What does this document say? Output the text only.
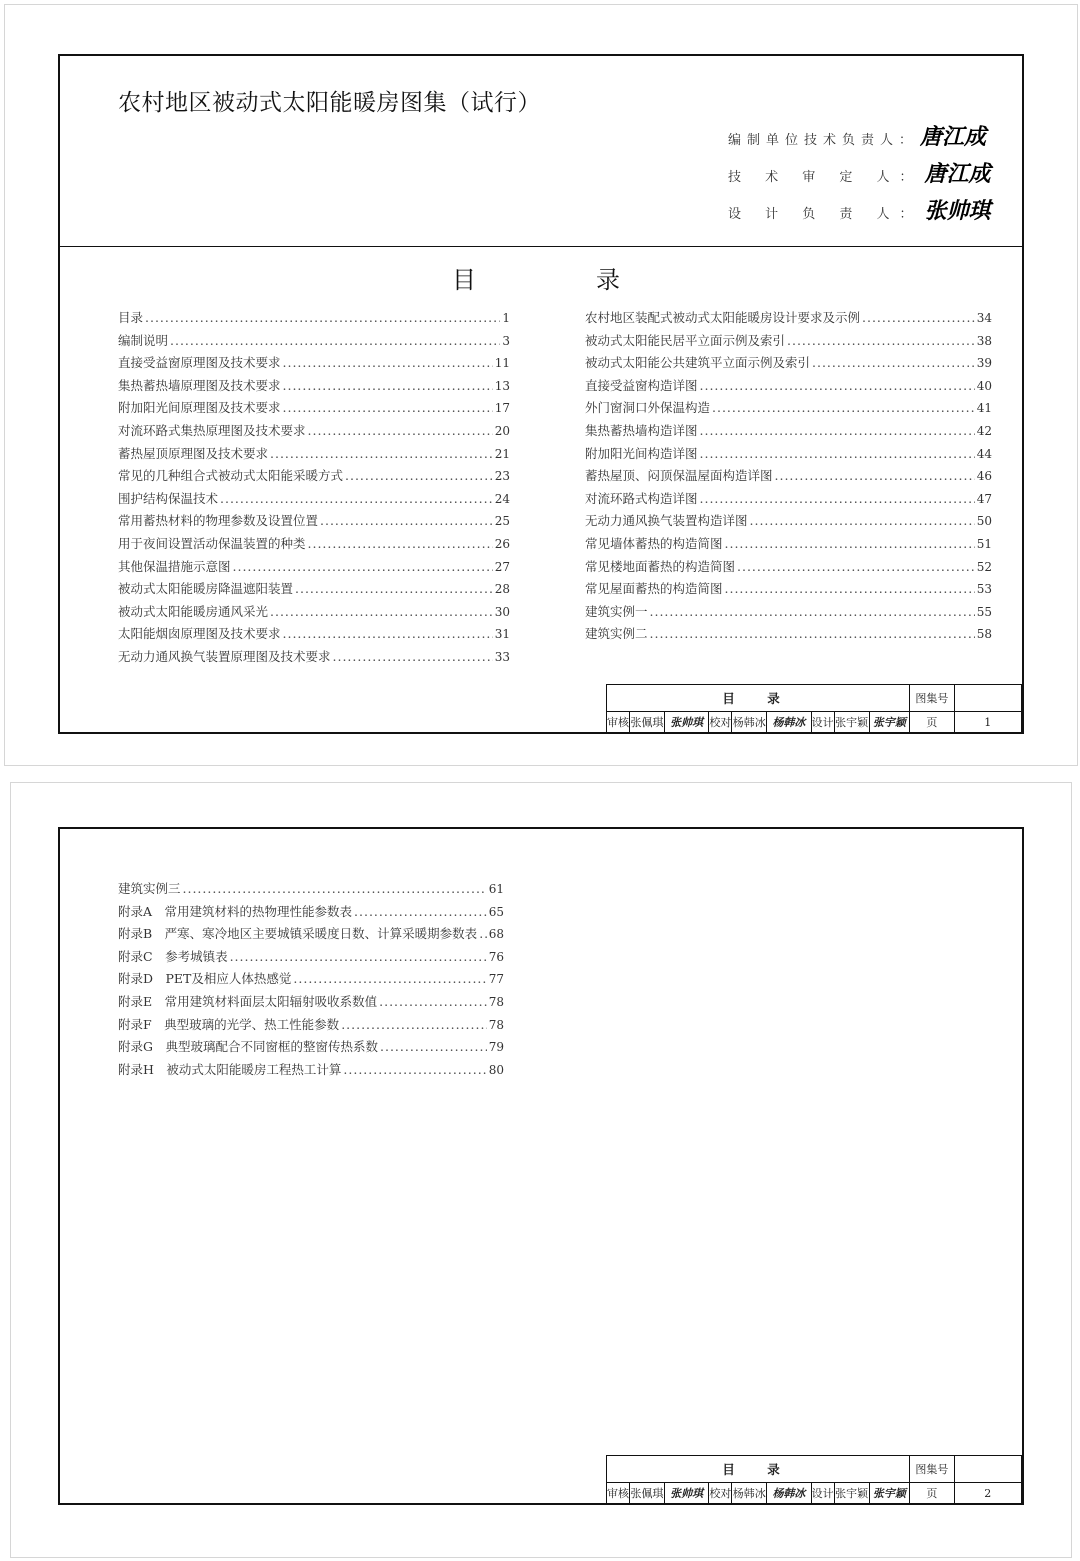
农村地区被动式太阳能暖房图集（试行）
编制单位技术负责人：唐江成
技 术 审 定 人：唐江成
设 计 负 责 人：张帅琪
目　　　　　录
目录 .....	1
编制说明 .....	3
直接受益窗原理图及技术要求 .....	11
集热蓄热墙原理图及技术要求 .....	13
附加阳光间原理图及技术要求 .....	17
对流环路式集热原理图及技术要求 .....	20
蓄热屋顶原理图及技术要求 .....	21
常见的几种组合式被动式太阳能采暖方式 .....	23
围护结构保温技术 .....	24
常用蓄热材料的物理参数及设置位置 .....	25
用于夜间设置活动保温装置的种类 .....	26
其他保温措施示意图 .....	27
被动式太阳能暖房降温遮阳装置 .....	28
被动式太阳能暖房通风采光 .....	30
太阳能烟囱原理图及技术要求 .....	31
无动力通风换气装置原理图及技术要求 .....	33
农村地区装配式被动式太阳能暖房设计要求及示例 .....	34
被动式太阳能民居平立面示例及索引 .....	38
被动式太阳能公共建筑平立面示例及索引 .....	39
直接受益窗构造详图 .....	40
外门窗洞口外保温构造 .....	41
集热蓄热墙构造详图 .....	42
附加阳光间构造详图 .....	44
蓄热屋顶、闷顶保温屋面构造详图 .....	46
对流环路式构造详图 .....	47
无动力通风换气装置构造详图 .....	50
常见墙体蓄热的构造简图 .....	51
常见楼地面蓄热的构造简图 .....	52
常见屋面蓄热的构造简图 .....	53
建筑实例一 .....	55
建筑实例二 .....	58
目 录									图集号	
审核	张佩琪	张帅琪	校对	杨韩冰	杨韩冰	设计	张宇颖	张宇颖	页	1
建筑实例三 .....	61
附录A　常用建筑材料的热物理性能参数表 .....	65
附录B　严寒、寒冷地区主要城镇采暖度日数、计算采暖期参数表 ..... 68
附录C　参考城镇表 .....	76
附录D　PET及相应人体热感觉 .....	77
附录E　常用建筑材料面层太阳辐射吸收系数值 .....	78
附录F　典型玻璃的光学、热工性能参数 .....	78
附录G　典型玻璃配合不同窗框的整窗传热系数 .....	79
附录H　被动式太阳能暖房工程热工计算 .....	80
目 录									图集号	
审核	张佩琪	张帅琪	校对	杨韩冰	杨韩冰	设计	张宇颖	张宇颖	页	2
